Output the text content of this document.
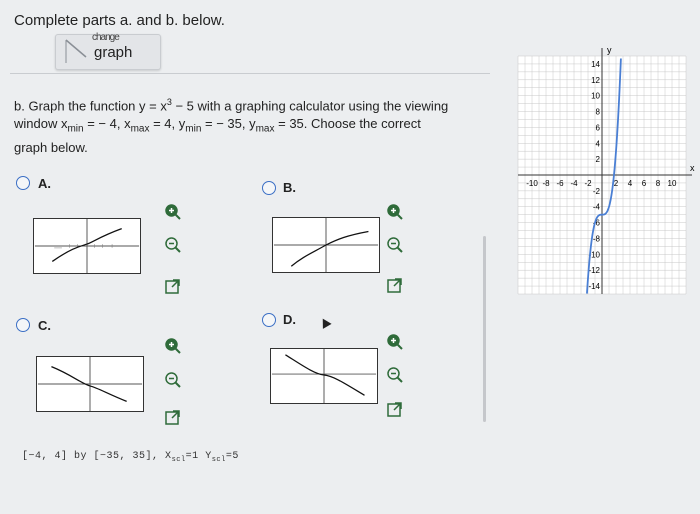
Complete parts a. and b. below.
change
graph
b. Graph the function $y = x^3 - 5$ with a graphing calculator using the viewing
window $x_{min}$ = − 4, $x_{max} = 4$, $y_{min}$ = − 35, $y_{max} = 35$. Choose the correct
graph below.
A.	B.
C.	D.
[−4, 4] by [−35, 35], $X_{scl}=1$ $Y_{scl}=5$
y
x
-10 -8 -6 -4 -2	2 4 6 8 10
14
12
10
8
6
4
2
-2
-4
-6
-8
-10
-12
-14
